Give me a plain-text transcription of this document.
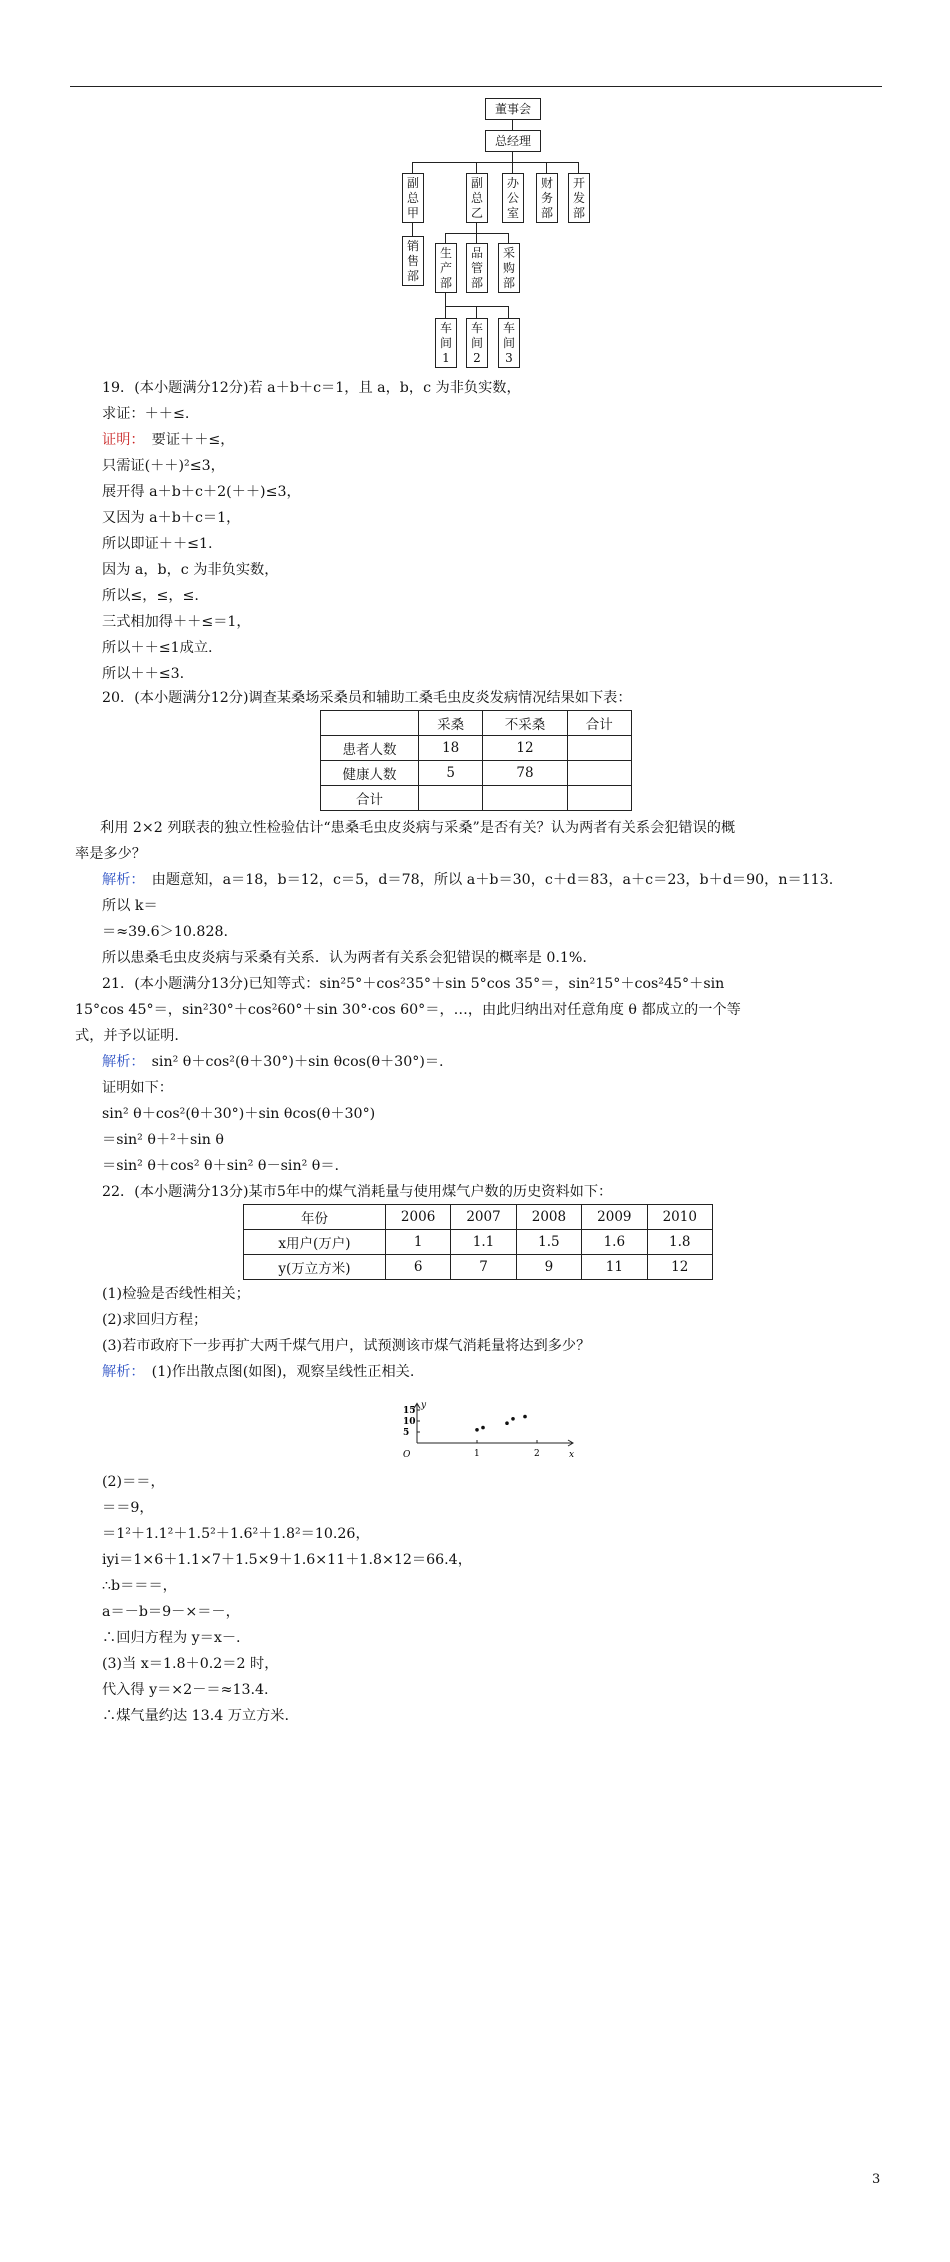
董事会
总经理
副
总
甲
副
总
乙
办
公
室
财
务
部
开
发
部
销
售
部
生
产
部
品
管
部
采
购
部
车
间
1
车
间
2
车
间
3
19．(本小题满分12分)若 a＋b＋c＝1，且 a，b，c 为非负实数，
求证：＋＋≤.
证明：　要证＋＋≤，
只需证(＋＋)²≤3，
展开得 a＋b＋c＋2(＋＋)≤3，
又因为 a＋b＋c＝1，
所以即证＋＋≤1.
因为 a，b，c 为非负实数，
所以≤，≤，≤.
三式相加得＋＋≤＝1，
所以＋＋≤1成立.
所以＋＋≤3.
20．(本小题满分12分)调查某桑场采桑员和辅助工桑毛虫皮炎发病情况结果如下表：
	采桑	不采桑	合计
患者人数	18	12	
健康人数	5	78	
合计			
利用 2×2 列联表的独立性检验估计“患桑毛虫皮炎病与采桑”是否有关？认为两者有关系会犯错误的概
率是多少？
解析：　由题意知，a＝18，b＝12，c＝5，d＝78，所以 a＋b＝30，c＋d＝83，a＋c＝23，b＋d＝90，n＝113.
所以 k＝
＝≈39.6＞10.828.
所以患桑毛虫皮炎病与采桑有关系．认为两者有关系会犯错误的概率是 0.1%.
21．(本小题满分13分)已知等式：sin²5°＋cos²35°＋sin 5°cos 35°＝，sin²15°＋cos²45°＋sin
15°cos 45°＝，sin²30°＋cos²60°＋sin 30°·cos 60°＝，…，由此归纳出对任意角度 θ 都成立的一个等
式，并予以证明.
解析：　sin² θ＋cos²(θ＋30°)＋sin θcos(θ＋30°)＝.
证明如下：
sin² θ＋cos²(θ＋30°)＋sin θcos(θ＋30°)
＝sin² θ＋²＋sin θ
＝sin² θ＋cos² θ＋sin² θ－sin² θ＝.
22．(本小题满分13分)某市5年中的煤气消耗量与使用煤气户数的历史资料如下：
年份	2006	2007	2008	2009	2010
x用户(万户)	1	1.1	1.5	1.6	1.8
y(万立方米)	6	7	9	11	12
(1)检验是否线性相关；
(2)求回归方程；
(3)若市政府下一步再扩大两千煤气用户，试预测该市煤气消耗量将达到多少？
解析：　(1)作出散点图(如图)，观察呈线性正相关.
x
y
O	1	2
5
10
15
(2)＝＝，
＝＝9，
＝1²＋1.1²＋1.5²＋1.6²＋1.8²＝10.26，
iyi＝1×6＋1.1×7＋1.5×9＋1.6×11＋1.8×12＝66.4，
∴b＝＝＝，
a＝－b＝9－×＝－，
∴回归方程为 y＝x－.
(3)当 x＝1.8＋0.2＝2 时，
代入得 y＝×2－＝≈13.4.
∴煤气量约达 13.4 万立方米.
3
